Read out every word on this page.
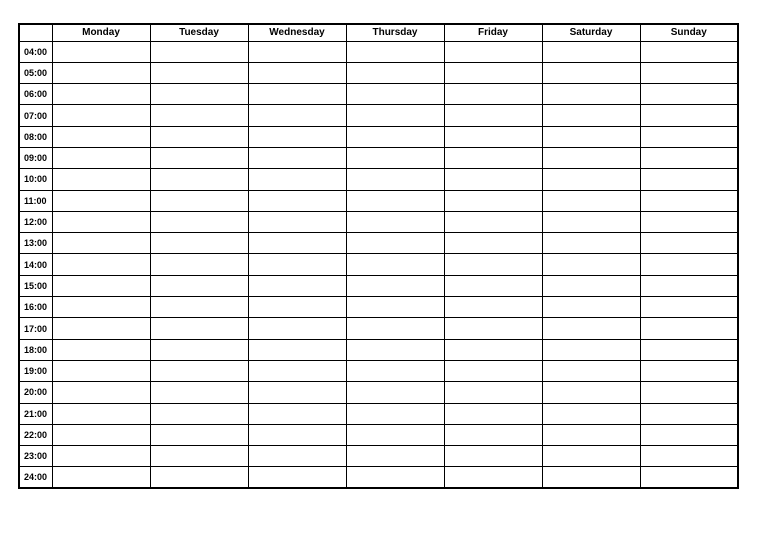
	Monday	Tuesday	Wednesday	Thursday	Friday	Saturday	Sunday
04:00							
05:00							
06:00							
07:00							
08:00							
09:00							
10:00							
11:00							
12:00							
13:00							
14:00							
15:00							
16:00							
17:00							
18:00							
19:00							
20:00							
21:00							
22:00							
23:00							
24:00							
